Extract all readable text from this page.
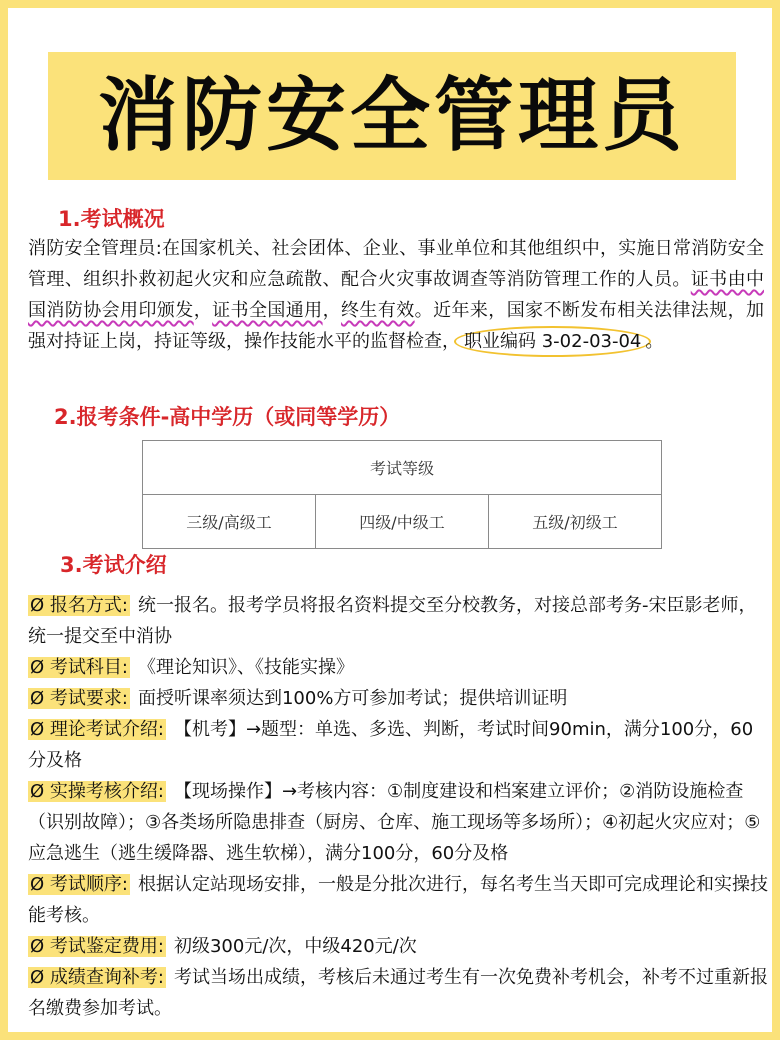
消防安全管理员
1.考试概况

消防安全管理员:在国家机关、社会团体、企业、事业单位和其他组织中，实施日常消防安全管理、组织扑救初起火灾和应急疏散、配合火灾事故调查等消防管理工作的人员。证书由中国消防协会用印颁发，证书全国通用，终生有效。近年来，国家不断发布相关法律法规，加强对持证上岗，持证等级，操作技能水平的监督检查， 职业编码 3-02-03-04 。

2.报考条件-高中学历（或同等学历）
考试等级
三级/高级工	四级/中级工	五级/初级工
3.考试介绍
Ø 报名方式: 统一报名。报考学员将报名资料提交至分校教务，对接总部考务-宋臣影老师，统一提交至中消协
Ø 考试科目: 《理论知识》、《技能实操》
Ø 考试要求: 面授听课率须达到100%方可参加考试；提供培训证明
Ø 理论考试介绍: 【机考】→题型：单选、多选、判断，考试时间90min，满分100分，60分及格
Ø 实操考核介绍: 【现场操作】→考核内容：①制度建设和档案建立评价；②消防设施检查（识别故障）；③各类场所隐患排查（厨房、仓库、施工现场等多场所）；④初起火灾应对；⑤应急逃生（逃生缓降器、逃生软梯），满分100分，60分及格
Ø 考试顺序: 根据认定站现场安排，一般是分批次进行，每名考生当天即可完成理论和实操技能考核。
Ø 考试鉴定费用: 初级300元/次，中级420元/次
Ø 成绩查询补考: 考试当场出成绩，考核后未通过考生有一次免费补考机会，补考不过重新报名缴费参加考试。
